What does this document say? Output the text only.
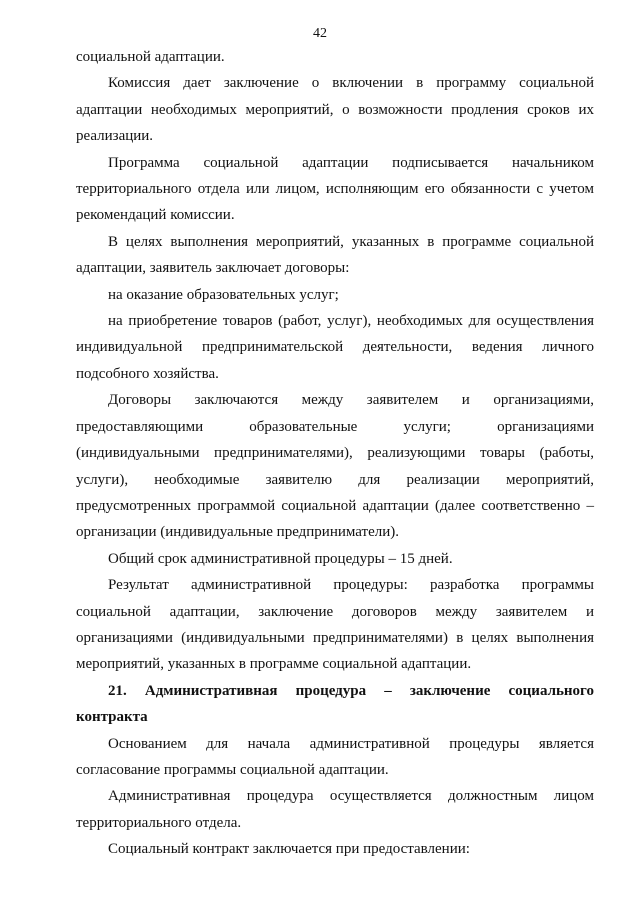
42

социальной адаптации.

Комиссия дает заключение о включении в программу социальной адаптации необходимых мероприятий, о возможности продления сроков их реализации.

Программа социальной адаптации подписывается начальником территориального отдела или лицом, исполняющим его обязанности с учетом рекомендаций комиссии.

В целях выполнения мероприятий, указанных в программе социальной адаптации, заявитель заключает договоры:

на оказание образовательных услуг;

на приобретение товаров (работ, услуг), необходимых для осуществления индивидуальной предпринимательской деятельности, ведения личного подсобного хозяйства.

Договоры заключаются между заявителем и организациями, предоставляющими образовательные услуги; организациями (индивидуальными предпринимателями), реализующими товары (работы, услуги), необходимые заявителю для реализации мероприятий, предусмотренных программой социальной адаптации (далее соответственно – организации (индивидуальные предприниматели).

Общий срок административной процедуры – 15 дней.

Результат административной процедуры: разработка программы социальной адаптации, заключение договоров между заявителем и организациями (индивидуальными предпринимателями) в целях выполнения мероприятий, указанных в программе социальной адаптации.

21. Административная процедура – заключение социального контракта

Основанием для начала административной процедуры является согласование программы социальной адаптации.

Административная процедура осуществляется должностным лицом территориального отдела.

Социальный контракт заключается при предоставлении:
